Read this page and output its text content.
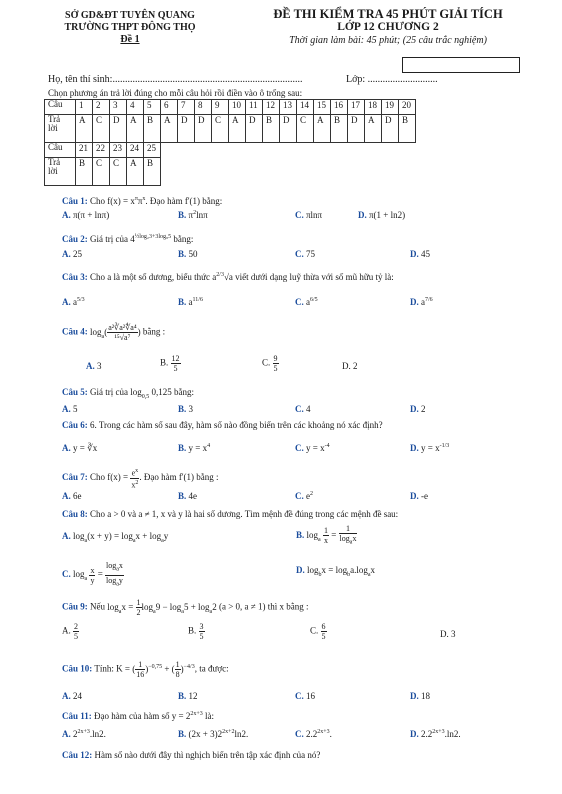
SỞ GD&ĐT TUYÊN QUANG
TRƯỜNG THPT ĐÔNG THỌ
Đề 1
ĐỀ THI KIỂM TRA 45 PHÚT GIẢI TÍCH
LỚP 12 CHƯƠNG 2
Thời gian làm bài: 45 phút; (25 câu trắc nghiệm)
Họ, tên thí sinh:............................................................................	Lớp: ............................
Chọn phương án trả lời đúng cho mỗi câu hỏi rồi điền vào ô trống sau:
Câu	1	2	3	4	5	6	7	8	9	10	11	12	13	14	15	16	17	18	19	20
Trả lời	A	C	D	A	B	A	D	D	C	A	D	B	D	C	A	B	D	A	D	B
Câu	21	22	23	24	25															
Trả lời	B	C	C	A	B															
Câu 1: Cho $f(x) = x^\pi\pi^x$. Đạo hàm f'(1) bằng:
A. π(π + lnπ)	B. $\pi^2\ln\pi$	C. πlnπ	D. π(1 + ln2)
Câu 2: Giá trị của $4^{\frac{1}{2}log_23+3log_85}$ bằng:
A. 25	B. 50	C. 75	D. 45
Câu 3: Cho a là một số dương, biểu thức $a^{2/3}√a$ viết dưới dạng luỹ thừa với số mũ hữu tỷ là:
A. $a^{5/3}$	B. $a^{11/6}$	C. $a^{6/5}$	D. $a^{7/6}$
Câu 4: $\log_a( \frac{\text{a²∛a²∜a⁴}}{\text{¹⁵√a⁷}}$ ) bằng :
A. 3	B. $\frac{12}{5}$	C. $\frac{9}{5}$	D. 2
Câu 5: Giá trị của $\log_{0,5} 0,125$ bằng:
A. 5	B. 3	C. 4	D. 2
Câu 6: 6. Trong các hàm số sau đây, hàm số nào đồng biến trên các khoảng nó xác định?
A. y = ∛x	B. $y = x^4$	C. $y = x^{-4}$	D. $y = x^{-1/3}$
Câu 7: Cho $f(x) = \frac{e^x}{x^2}$ . Đạo hàm f'(1) bằng :
A. 6e	B. 4e	C. $e^2$	D. -e
Câu 8: Cho a > 0 và a ≠ 1, x và y là hai số dương. Tìm mệnh đề đúng trong các mệnh đề sau:
A. $\log_a(x + y) = \log_ax + \log_ay$	B. $\log_a \frac{1}{x} = \frac{1}{\log_ax}$
C. $\log_a \frac{x}{y} = \frac{\log_ax}{\log_ay}$	D. $\log_bx = \log_ba.\log_ax$
Câu 9: Nếu $\log_ax = \frac{1}{2} \log_a9 - \log_a5 + \log_a2$ (a > 0, a ≠ 1) thì x bằng :
A. $\frac{2}{5}$	B. $\frac{3}{5}$	C. $\frac{6}{5}$	D. 3
Câu 10: Tính: K = ( $\frac{1}{16} )^{-0,75}$ + ( $\frac{1}{8} )^{-4/3}$, ta được:
A. 24	B. 12	C. 16	D. 18
Câu 11: Đạo hàm của hàm số $y = 2^{2x+3}$ là:
A. $2^{2x+3}.\ln 2$.	B. $(2x + 3)2^{2x+2}\ln 2$.	C. $2.2^{2x+3}$.	D. $2.2^{2x+3}.\ln 2$.
Câu 12: Hàm số nào dưới đây thì nghịch biến trên tập xác định của nó?
